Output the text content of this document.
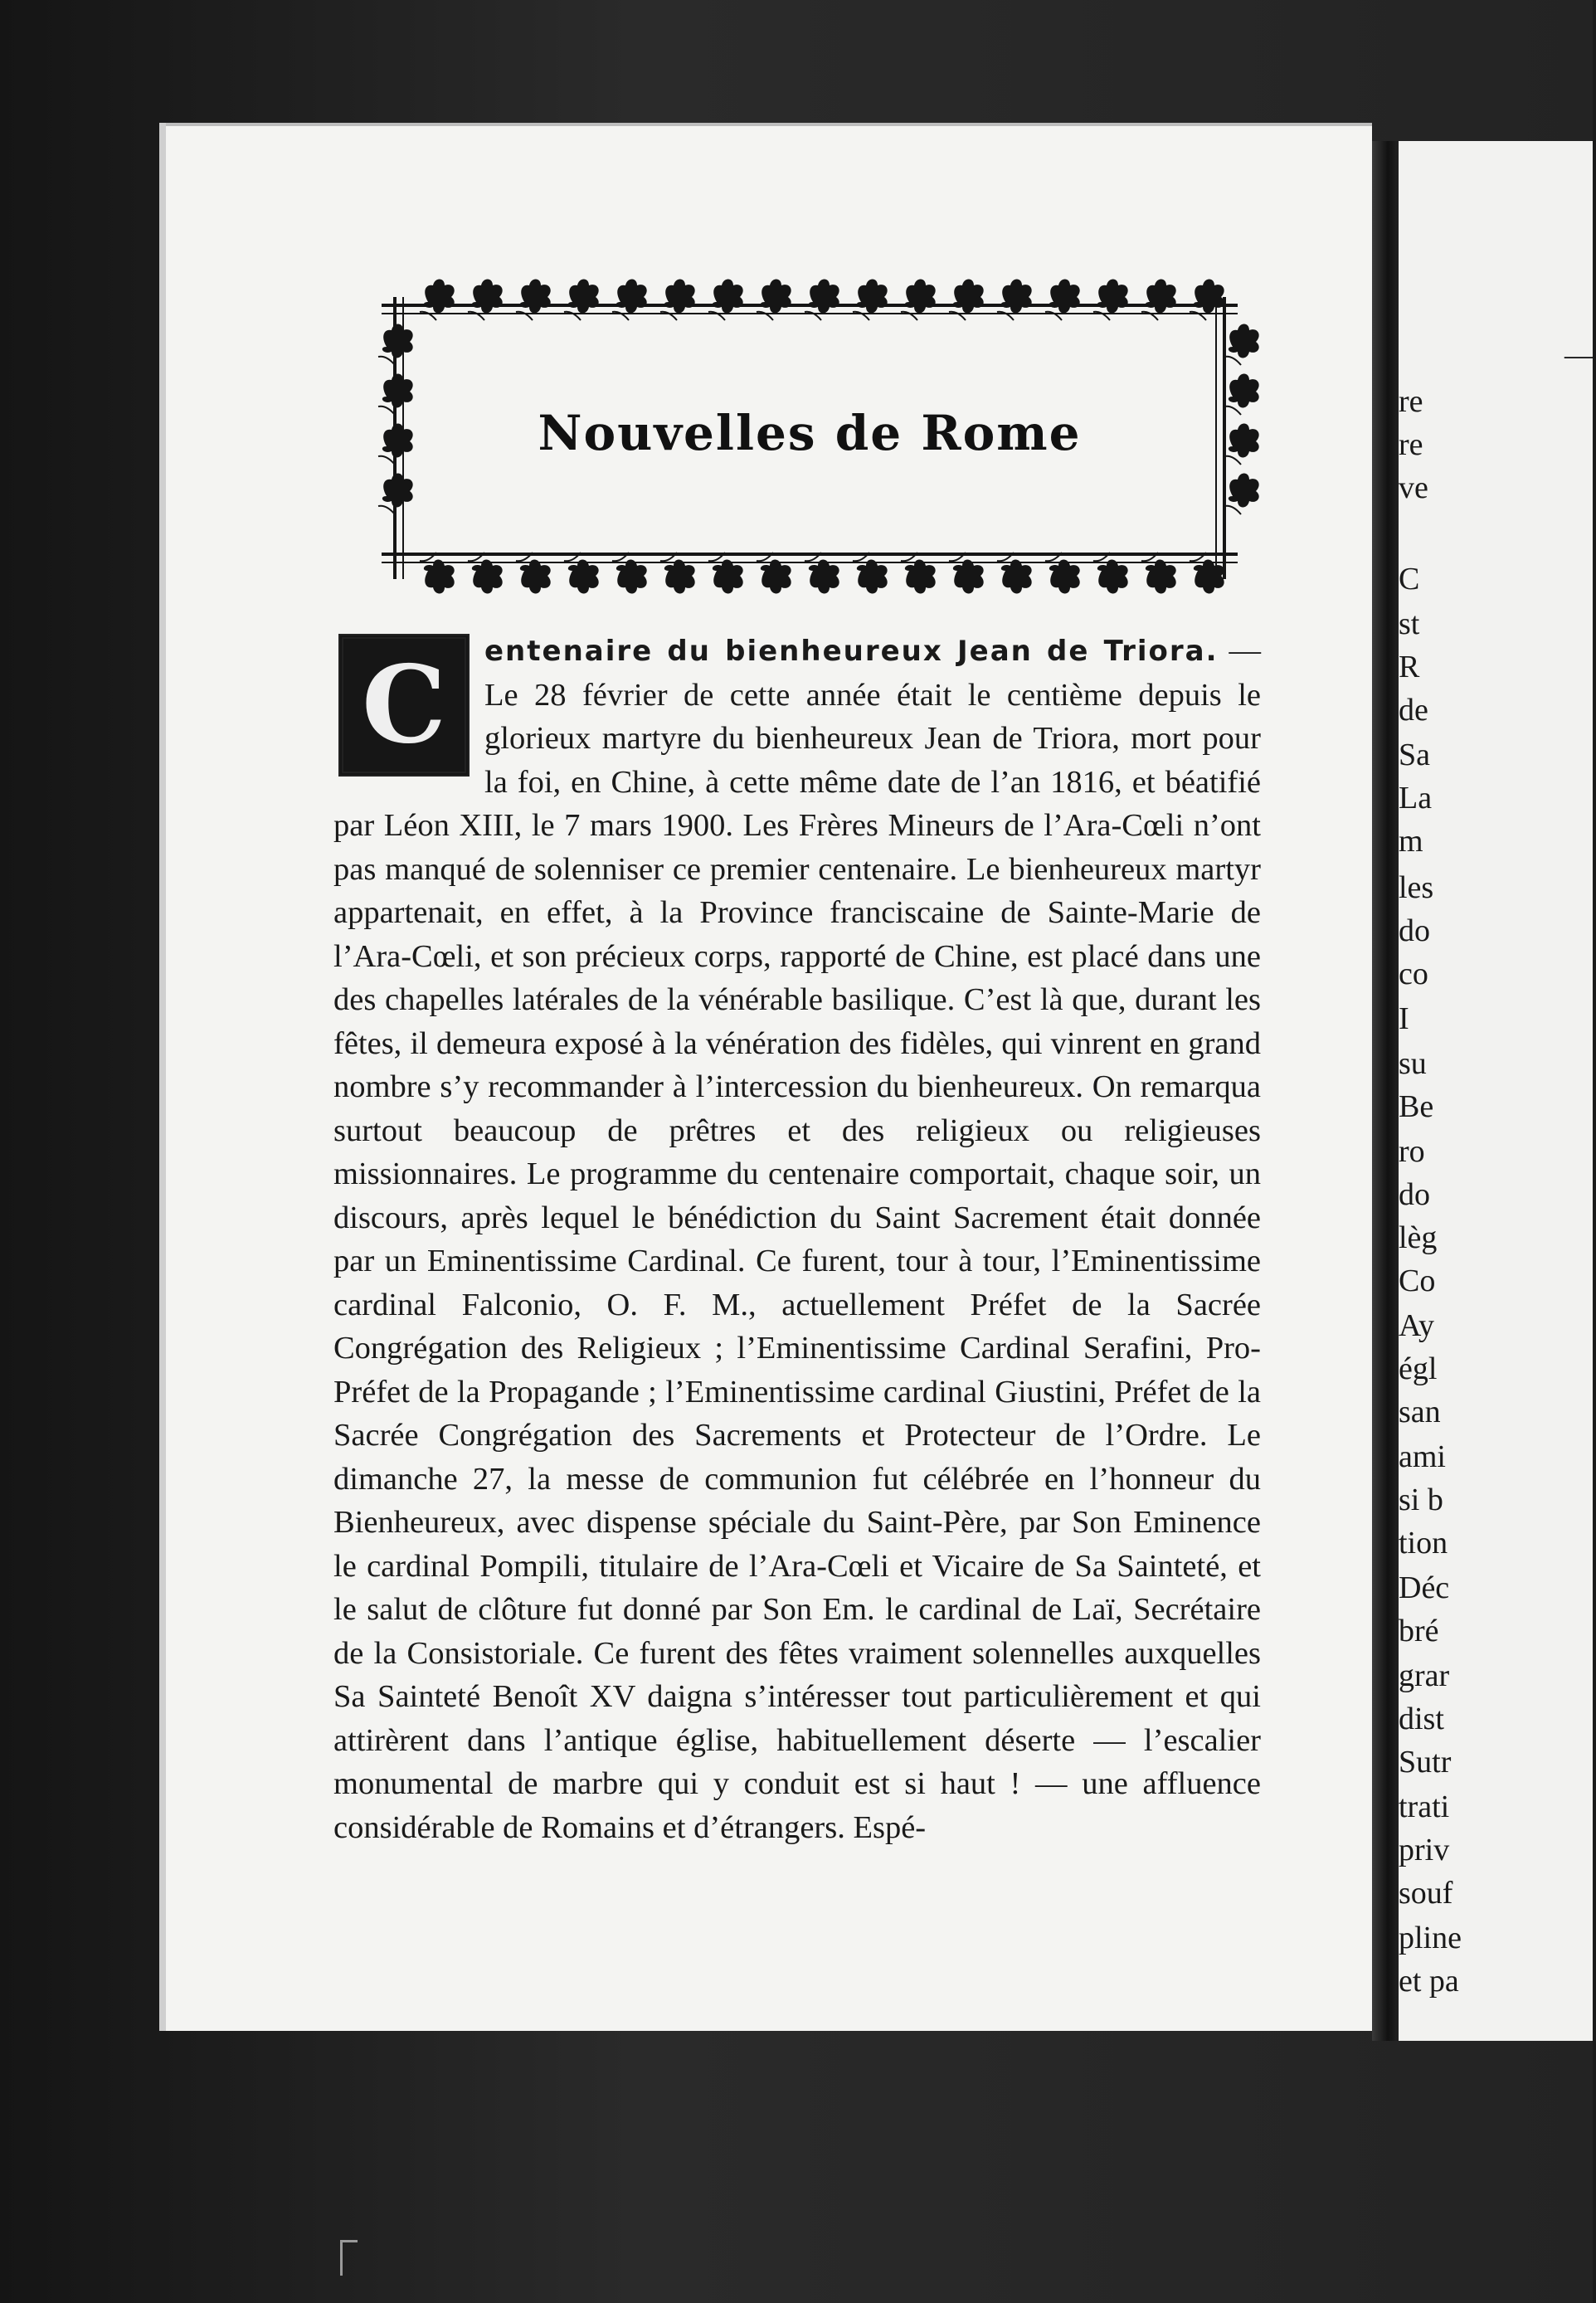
—
re
re
ve
C
st
R
de
Sa
La
m
les
do
co
I
su
Be
ro
do
lèg
Co
Ay
égl
san
ami
si b
tion
Déc
bré
grar
dist
Sutr
trati
priv
souf
pline
et pa
Nouvelles de Rome
C	entenaire du bienheureux Jean de Triora. — Le 28 février de cette année était le centième depuis le glorieux martyre du bienheureux Jean de Triora, mort pour la foi, en Chine, à cette même date de l’an 1816, et béatifié par Léon XIII, le 7 mars 1900. Les Frères Mineurs de l’Ara-Cœli n’ont pas manqué de solenniser ce premier centenaire. Le bienheureux martyr appartenait, en effet, à la Province franciscaine de Sainte-Marie de l’Ara-Cœli, et son précieux corps, rapporté de Chine, est placé dans une des chapelles latérales de la vénérable basilique. C’est là que, durant les fêtes, il demeura exposé à la vénération des fidèles, qui vinrent en grand nombre s’y recommander à l’intercession du bienheureux. On remarqua surtout beaucoup de prêtres et des religieux ou religieuses missionnaires. Le programme du centenaire comportait, chaque soir, un discours, après lequel le bénédiction du Saint Sacrement était donnée par un Eminentissime Cardinal. Ce furent, tour à tour, l’Eminentissime cardinal Falconio, O. F. M., actuellement Préfet de la Sacrée Congrégation des Religieux ; l’Eminentissime Cardinal Serafini, Pro-Préfet de la Propagande ; l’Eminentissime cardinal Giustini, Préfet de la Sacrée Congrégation des Sacrements et Protecteur de l’Ordre. Le dimanche 27, la messe de communion fut célébrée en l’honneur du Bienheureux, avec dispense spéciale du Saint-Père, par Son Eminence le cardinal Pompili, titulaire de l’Ara-Cœli et Vicaire de Sa Sainteté, et le salut de clôture fut donné par Son Em. le cardinal de Laï, Secrétaire de la Consistoriale. Ce furent des fêtes vraiment solennelles auxquelles Sa Sainteté Benoît XV daigna s’intéresser tout particulièrement et qui attirèrent dans l’antique église, habituellement déserte — l’escalier monumental de marbre qui y conduit est si haut ! — une affluence considérable de Romains et d’étrangers. Espé-
